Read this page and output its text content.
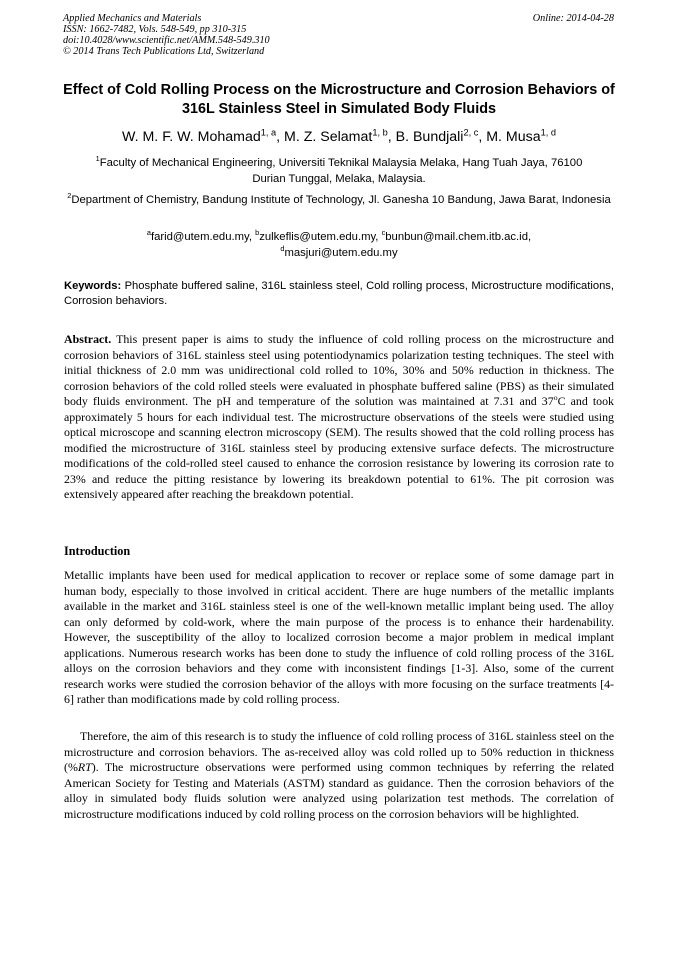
Applied Mechanics and Materials
ISSN: 1662-7482, Vols. 548-549, pp 310-315
doi:10.4028/www.scientific.net/AMM.548-549.310
© 2014 Trans Tech Publications Ltd, Switzerland
Online: 2014-04-28
Effect of Cold Rolling Process on the Microstructure and Corrosion Behaviors of 316L Stainless Steel in Simulated Body Fluids
W. M. F. W. Mohamad$^{1, a}$, M. Z. Selamat$^{1, b}$, B. Bundjali$^{2, c}$, M. Musa$^{1, d}$
$^1$Faculty of Mechanical Engineering, Universiti Teknikal Malaysia Melaka, Hang Tuah Jaya, 76100 Durian Tunggal, Melaka, Malaysia.
$^2$Department of Chemistry, Bandung Institute of Technology, Jl. Ganesha 10 Bandung, Jawa Barat, Indonesia
$^a$farid@utem.edu.my, $^b$zulkeflis@utem.edu.my, $^c$bunbun@mail.chem.itb.ac.id,
$^d$masjuri@utem.edu.my
Keywords: Phosphate buffered saline, 316L stainless steel, Cold rolling process, Microstructure modifications, Corrosion behaviors.
Abstract. This present paper is aims to study the influence of cold rolling process on the microstructure and corrosion behaviors of 316L stainless steel using potentiodynamics polarization testing techniques. The steel with initial thickness of 2.0 mm was unidirectional cold rolled to 10%, 30% and 50% reduction in thickness. The corrosion behaviors of the cold rolled steels were evaluated in phosphate buffered saline (PBS) as their simulated body fluids environment. The pH and temperature of the solution was maintained at 7.31 and 37$^o$C and took approximately 5 hours for each individual test. The microstructure observations of the steels were studied using optical microscope and scanning electron microscopy (SEM). The results showed that the cold rolling process has modified the microstructure of 316L stainless steel by producing extensive surface defects. The microstructure modifications of the cold-rolled steel caused to enhance the corrosion resistance by lowering its corrosion rate to 23% and reduce the pitting resistance by lowering its breakdown potential to 61%. The pit corrosion was extensively appeared after reaching the breakdown potential.
Introduction
Metallic implants have been used for medical application to recover or replace some of some damage part in human body, especially to those involved in critical accident. There are huge numbers of the metallic implants available in the market and 316L stainless steel is one of the well-known metallic implant being used. The alloy can only deformed by cold-work, where the main purpose of the process is to enhance their hardenability. However, the susceptibility of the alloy to localized corrosion become a major problem in medical implant applications. Numerous research works has been done to study the influence of cold rolling process of the 316L alloys on the corrosion behaviors and they come with inconsistent findings [1-3]. Also, some of the current research works were studied the corrosion behavior of the alloys with more focusing on the surface treatments [4-6] rather than modifications made by cold rolling process.
Therefore, the aim of this research is to study the influence of cold rolling process of 316L stainless steel on the microstructure and corrosion behaviors. The as-received alloy was cold rolled up to 50% reduction in thickness (%RT). The microstructure observations were performed using common techniques by referring the related American Society for Testing and Materials (ASTM) standard as guidance. Then the corrosion behaviors of the alloy in simulated body fluids solution were analyzed using polarization test methods. The correlation of microstructure modifications induced by cold rolling process on the corrosion behaviors will be highlighted.
